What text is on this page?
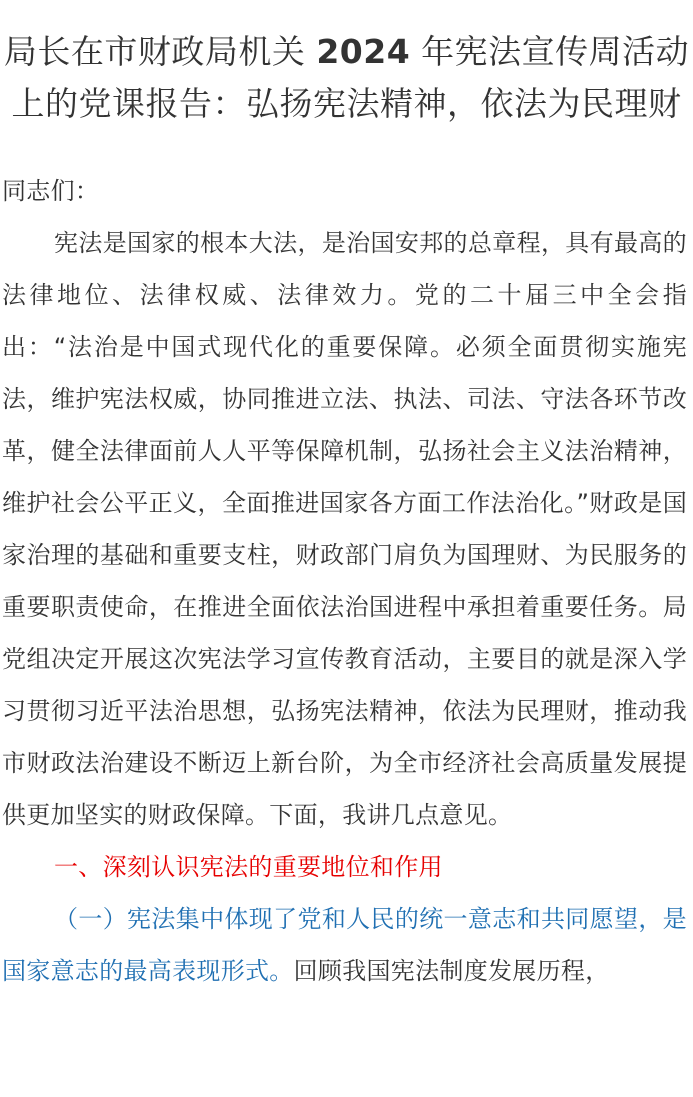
局长在市财政局机关 2024 年宪法宣传周活动上的党课报告：弘扬宪法精神，依法为民理财

同志们：

宪法是国家的根本大法，是治国安邦的总章程，具有最高的法律地位、法律权威、法律效力。党的二十届三中全会指出：“法治是中国式现代化的重要保障。必须全面贯彻实施宪法，维护宪法权威，协同推进立法、执法、司法、守法各环节改革，健全法律面前人人平等保障机制，弘扬社会主义法治精神，维护社会公平正义，全面推进国家各方面工作法治化。”财政是国家治理的基础和重要支柱，财政部门肩负为国理财、为民服务的重要职责使命，在推进全面依法治国进程中承担着重要任务。局党组决定开展这次宪法学习宣传教育活动，主要目的就是深入学习贯彻习近平法治思想，弘扬宪法精神，依法为民理财，推动我市财政法治建设不断迈上新台阶，为全市经济社会高质量发展提供更加坚实的财政保障。下面，我讲几点意见。

一、深刻认识宪法的重要地位和作用

（一）宪法集中体现了党和人民的统一意志和共同愿望，是国家意志的最高表现形式。回顾我国宪法制度发展历程，
